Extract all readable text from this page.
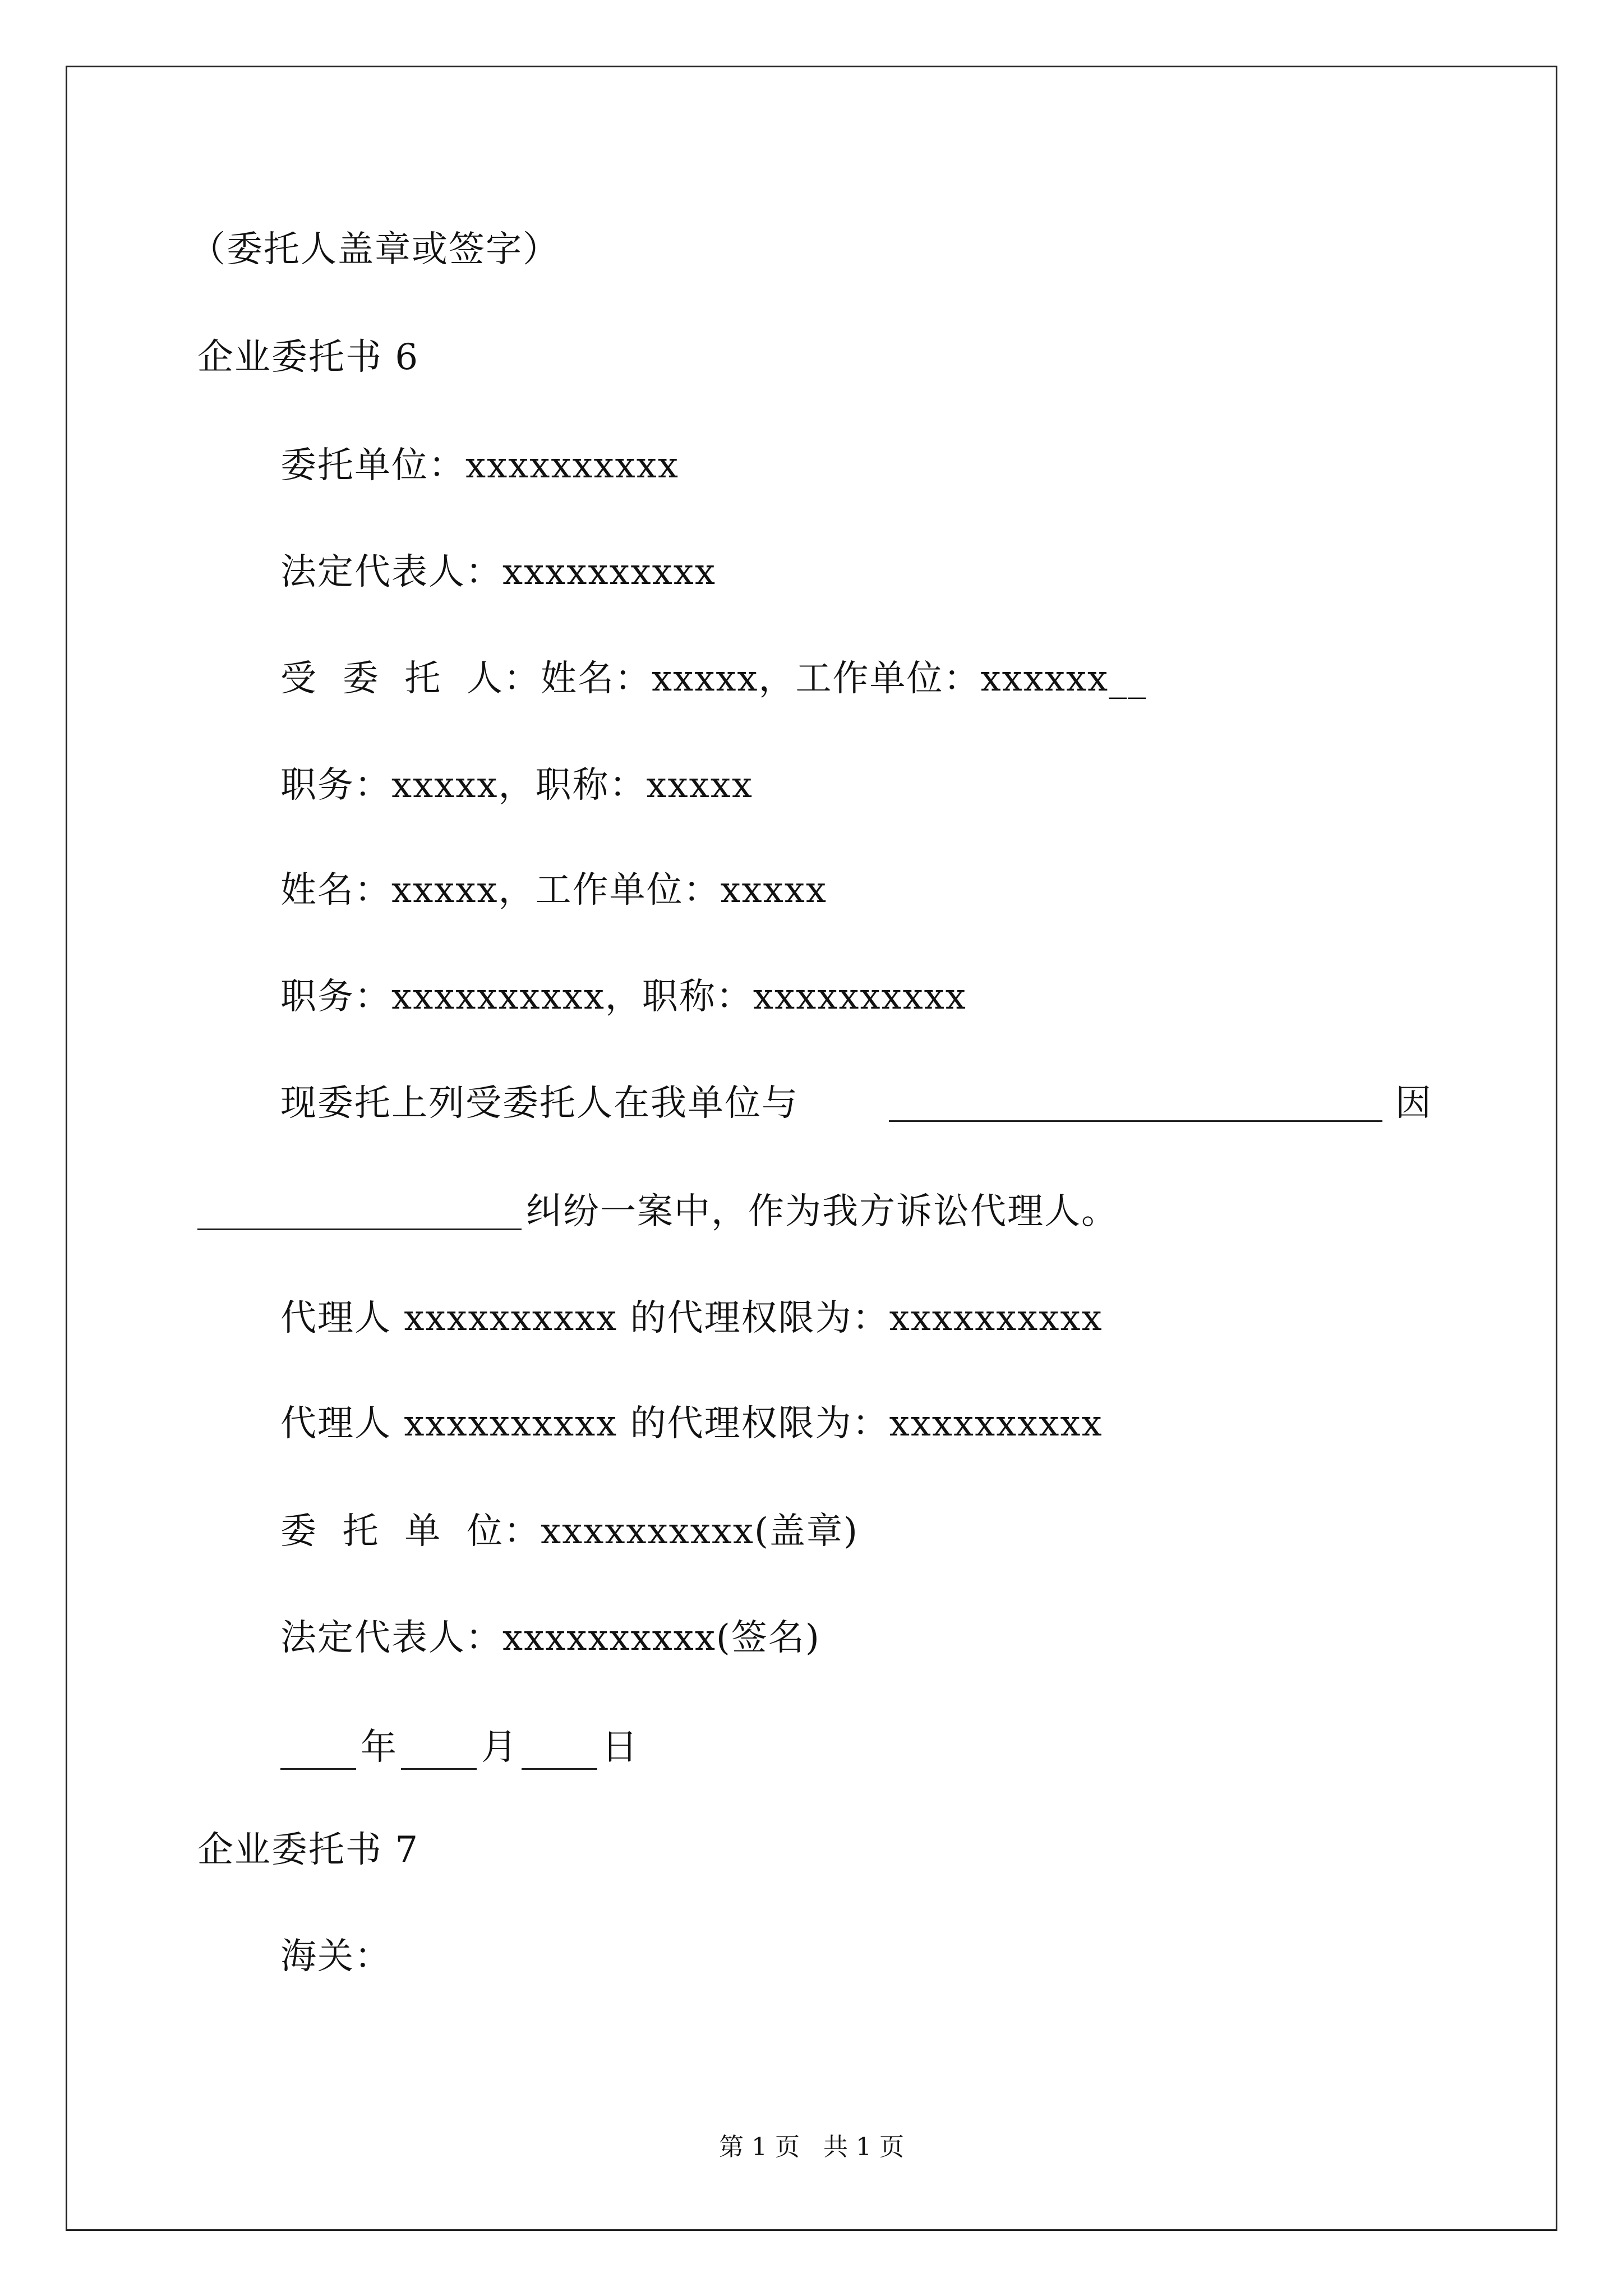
（委托人盖章或签字）
企业委托书 6
委托单位：xxxxxxxxxx
法定代表人：xxxxxxxxxx
受  委  托  人：姓名：xxxxx，工作单位：xxxxxx__
职务：xxxxx，职称：xxxxx
姓名：xxxxx，工作单位：xxxxx
职务：xxxxxxxxxx，职称：xxxxxxxxxx
现委托上列受委托人在我单位与	因
纠纷一案中，作为我方诉讼代理人。
代理人 xxxxxxxxxx 的代理权限为：xxxxxxxxxx
代理人 xxxxxxxxxx 的代理权限为：xxxxxxxxxx
委  托  单  位：xxxxxxxxxx(盖章)
法定代表人：xxxxxxxxxx(签名)
年 月 日
企业委托书 7
海关：
第 1 页   共 1 页
